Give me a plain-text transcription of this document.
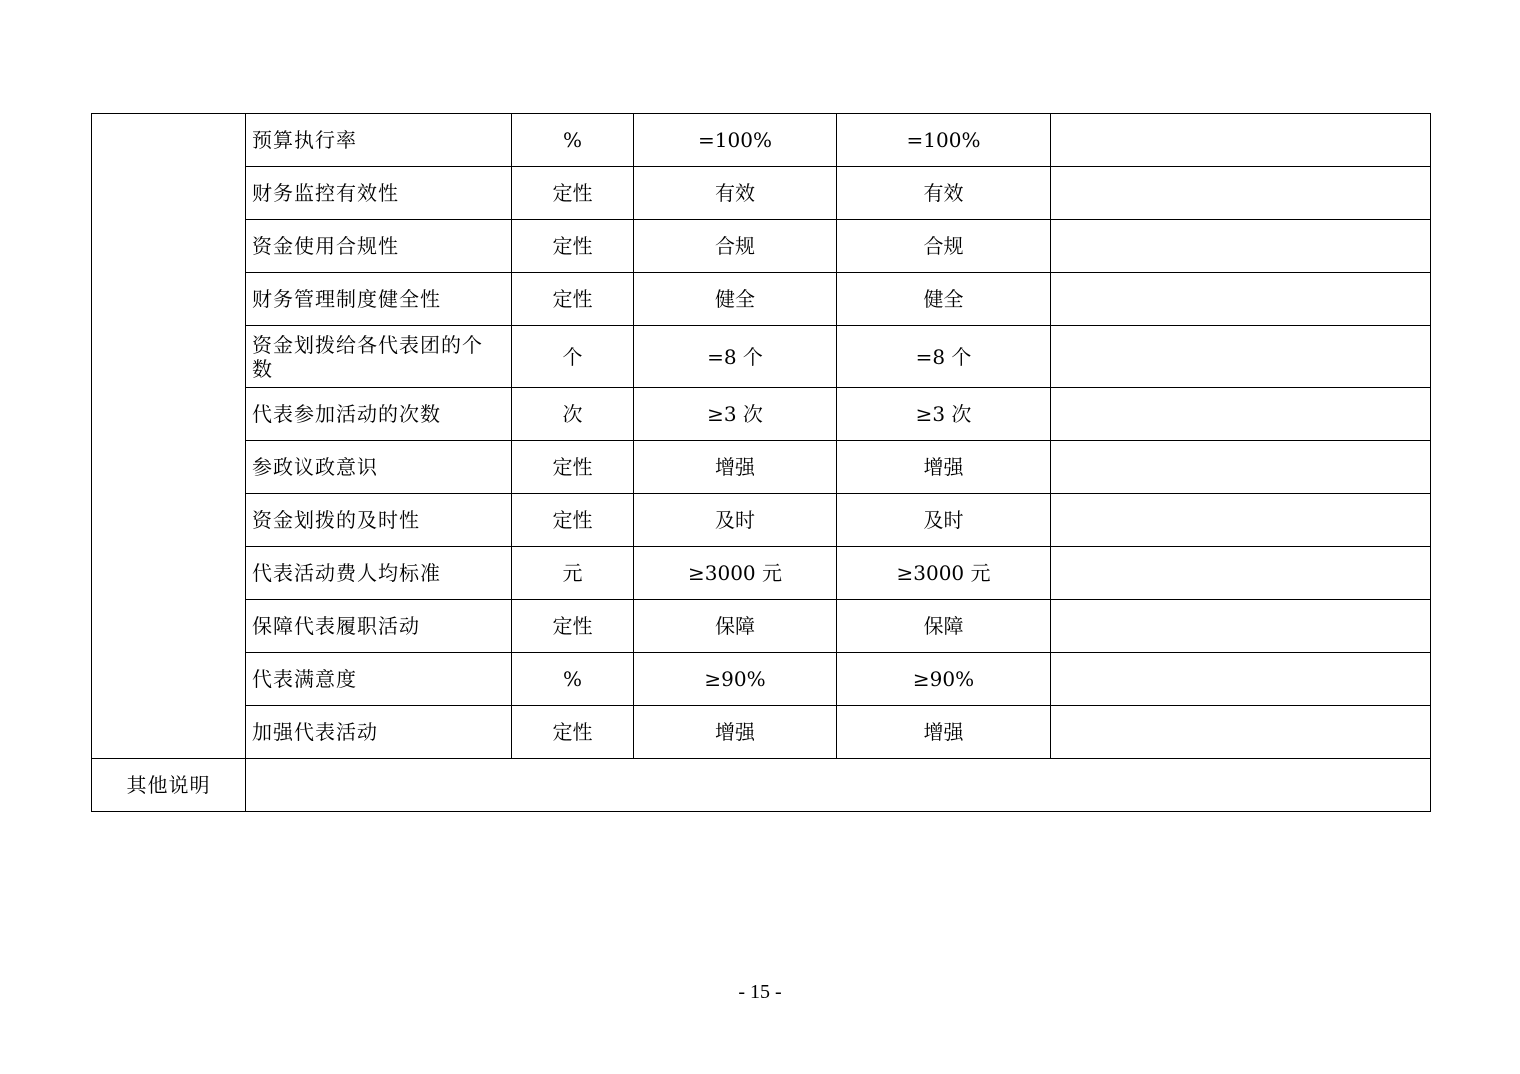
	预算执行率	%	=100%	=100%	
	财务监控有效性	定性	有效	有效	
	资金使用合规性	定性	合规	合规	
	财务管理制度健全性	定性	健全	健全	
	资金划拨给各代表团的个数	个	=8 个	=8 个	
	代表参加活动的次数	次	≥3 次	≥3 次	
	参政议政意识	定性	增强	增强	
	资金划拨的及时性	定性	及时	及时	
	代表活动费人均标准	元	≥3000 元	≥3000 元	
	保障代表履职活动	定性	保障	保障	
	代表满意度	%	≥90%	≥90%	
	加强代表活动	定性	增强	增强	
其他说明					
- 15 -
